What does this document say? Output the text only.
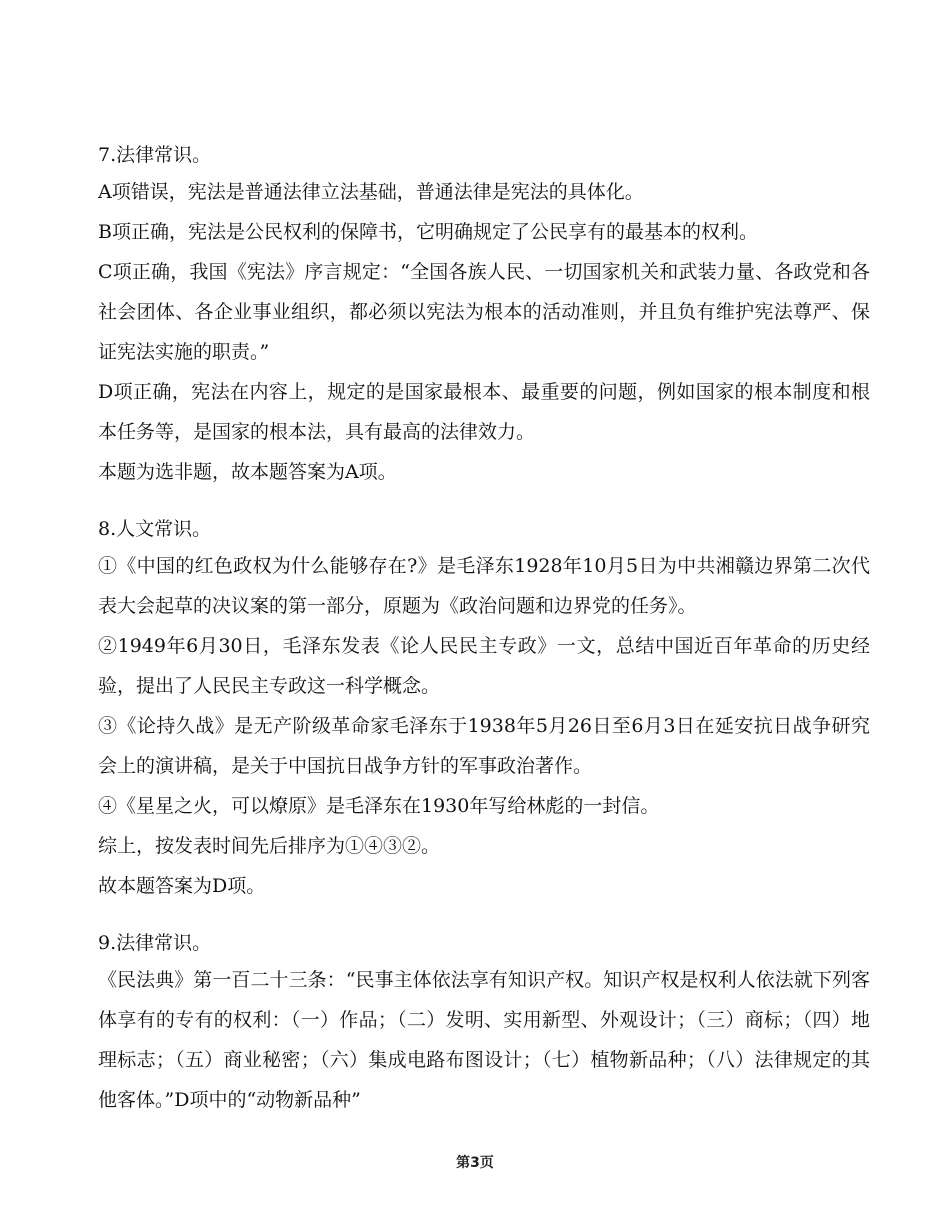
7.法律常识。

A项错误，宪法是普通法律立法基础，普通法律是宪法的具体化。

B项正确，宪法是公民权利的保障书，它明确规定了公民享有的最基本的权利。

C项正确，我国《宪法》序言规定：“全国各族人民、一切国家机关和武装力量、各政党和各社会团体、各企业事业组织，都必须以宪法为根本的活动准则，并且负有维护宪法尊严、保证宪法实施的职责。”

D项正确，宪法在内容上，规定的是国家最根本、最重要的问题，例如国家的根本制度和根本任务等，是国家的根本法，具有最高的法律效力。

本题为选非题，故本题答案为A项。

8.人文常识。

①《中国的红色政权为什么能够存在?》是毛泽东1928年10月5日为中共湘赣边界第二次代表大会起草的决议案的第一部分，原题为《政治问题和边界党的任务》。

②1949年6月30日，毛泽东发表《论人民民主专政》一文，总结中国近百年革命的历史经验，提出了人民民主专政这一科学概念。

③《论持久战》是无产阶级革命家毛泽东于1938年5月26日至6月3日在延安抗日战争研究会上的演讲稿，是关于中国抗日战争方针的军事政治著作。

④《星星之火，可以燎原》是毛泽东在1930年写给林彪的一封信。

综上，按发表时间先后排序为①④③②。

故本题答案为D项。

9.法律常识。

《民法典》第一百二十三条：“民事主体依法享有知识产权。知识产权是权利人依法就下列客体享有的专有的权利：（一）作品；（二）发明、实用新型、外观设计；（三）商标；（四）地理标志；（五）商业秘密；（六）集成电路布图设计；（七）植物新品种；（八）法律规定的其他客体。”D项中的“动物新品种”

第3页
